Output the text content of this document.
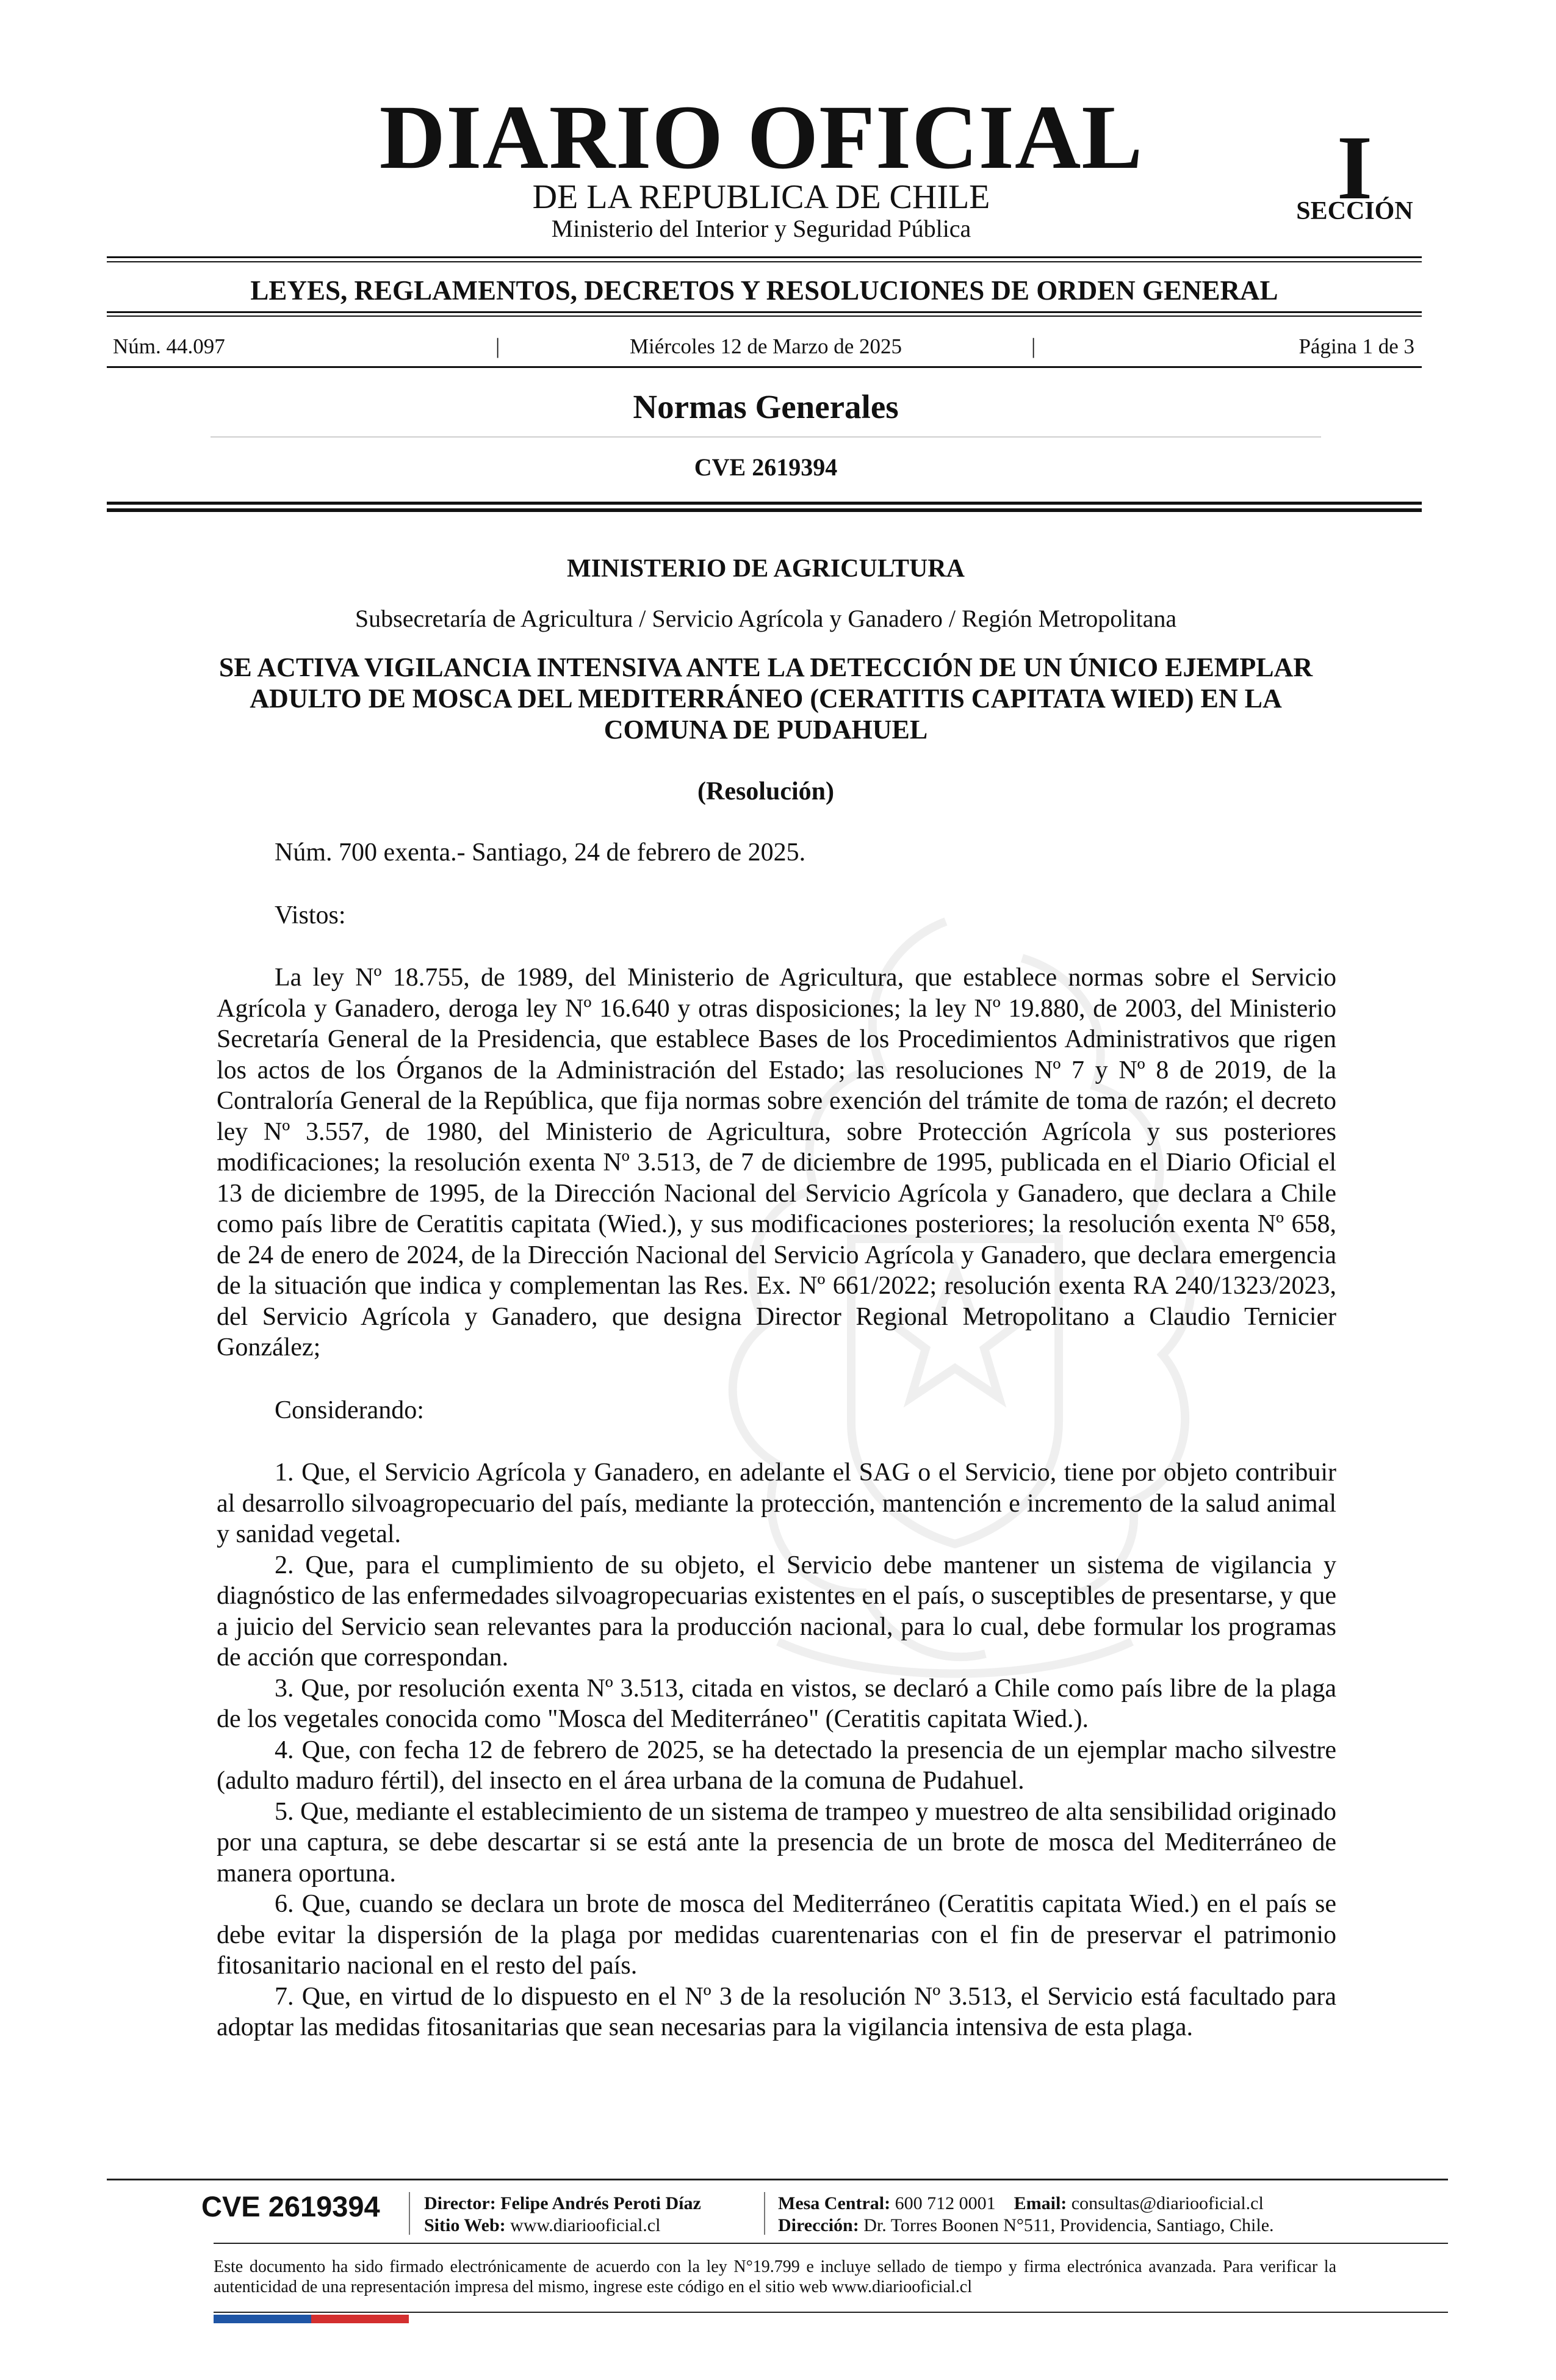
DIARIO OFICIAL
DE LA REPUBLICA DE CHILE
Ministerio del Interior y Seguridad Pública
I
SECCIÓN
LEYES, REGLAMENTOS, DECRETOS Y RESOLUCIONES DE ORDEN GENERAL
Núm. 44.097	|	Miércoles 12 de Marzo de 2025	|	Página 1 de 3
Normas Generales
CVE 2619394
MINISTERIO DE AGRICULTURA
Subsecretaría de Agricultura / Servicio Agrícola y Ganadero / Región Metropolitana
SE ACTIVA VIGILANCIA INTENSIVA ANTE LA DETECCIÓN DE UN ÚNICO EJEMPLAR ADULTO DE MOSCA DEL MEDITERRÁNEO (CERATITIS CAPITATA WIED) EN LA COMUNA DE PUDAHUEL
(Resolución)

Núm. 700 exenta.- Santiago, 24 de febrero de 2025.

Vistos:

La ley Nº 18.755, de 1989, del Ministerio de Agricultura, que establece normas sobre el Servicio Agrícola y Ganadero, deroga ley Nº 16.640 y otras disposiciones; la ley Nº 19.880, de 2003, del Ministerio Secretaría General de la Presidencia, que establece Bases de los Procedimientos Administrativos que rigen los actos de los Órganos de la Administración del Estado; las resoluciones Nº 7 y Nº 8 de 2019, de la Contraloría General de la República, que fija normas sobre exención del trámite de toma de razón; el decreto ley Nº 3.557, de 1980, del Ministerio de Agricultura, sobre Protección Agrícola y sus posteriores modificaciones; la resolución exenta Nº 3.513, de 7 de diciembre de 1995, publicada en el Diario Oficial el 13 de diciembre de 1995, de la Dirección Nacional del Servicio Agrícola y Ganadero, que declara a Chile como país libre de Ceratitis capitata (Wied.), y sus modificaciones posteriores; la resolución exenta Nº 658, de 24 de enero de 2024, de la Dirección Nacional del Servicio Agrícola y Ganadero, que declara emergencia de la situación que indica y complementan las Res. Ex. Nº 661/2022; resolución exenta RA 240/1323/2023, del Servicio Agrícola y Ganadero, que designa Director Regional Metropolitano a Claudio Ternicier González;

Considerando:

1. Que, el Servicio Agrícola y Ganadero, en adelante el SAG o el Servicio, tiene por objeto contribuir al desarrollo silvoagropecuario del país, mediante la protección, mantención e incremento de la salud animal y sanidad vegetal.

2. Que, para el cumplimiento de su objeto, el Servicio debe mantener un sistema de vigilancia y diagnóstico de las enfermedades silvoagropecuarias existentes en el país, o susceptibles de presentarse, y que a juicio del Servicio sean relevantes para la producción nacional, para lo cual, debe formular los programas de acción que correspondan.

3. Que, por resolución exenta Nº 3.513, citada en vistos, se declaró a Chile como país libre de la plaga de los vegetales conocida como "Mosca del Mediterráneo" (Ceratitis capitata Wied.).

4. Que, con fecha 12 de febrero de 2025, se ha detectado la presencia de un ejemplar macho silvestre (adulto maduro fértil), del insecto en el área urbana de la comuna de Pudahuel.

5. Que, mediante el establecimiento de un sistema de trampeo y muestreo de alta sensibilidad originado por una captura, se debe descartar si se está ante la presencia de un brote de mosca del Mediterráneo de manera oportuna.

6. Que, cuando se declara un brote de mosca del Mediterráneo (Ceratitis capitata Wied.) en el país se debe evitar la dispersión de la plaga por medidas cuarentenarias con el fin de preservar el patrimonio fitosanitario nacional en el resto del país.

7. Que, en virtud de lo dispuesto en el Nº 3 de la resolución Nº 3.513, el Servicio está facultado para adoptar las medidas fitosanitarias que sean necesarias para la vigilancia intensiva de esta plaga.

CVE 2619394 Director: Felipe Andrés Peroti Díaz
Sitio Web: www.diariooficial.cl
Mesa Central: 600 712 0001 Email: consultas@diariooficial.cl
Dirección: Dr. Torres Boonen N°511, Providencia, Santiago, Chile.
Este documento ha sido firmado electrónicamente de acuerdo con la ley N°19.799 e incluye sellado de tiempo y firma electrónica avanzada. Para verificar la autenticidad de una representación impresa del mismo, ingrese este código en el sitio web www.diariooficial.cl
